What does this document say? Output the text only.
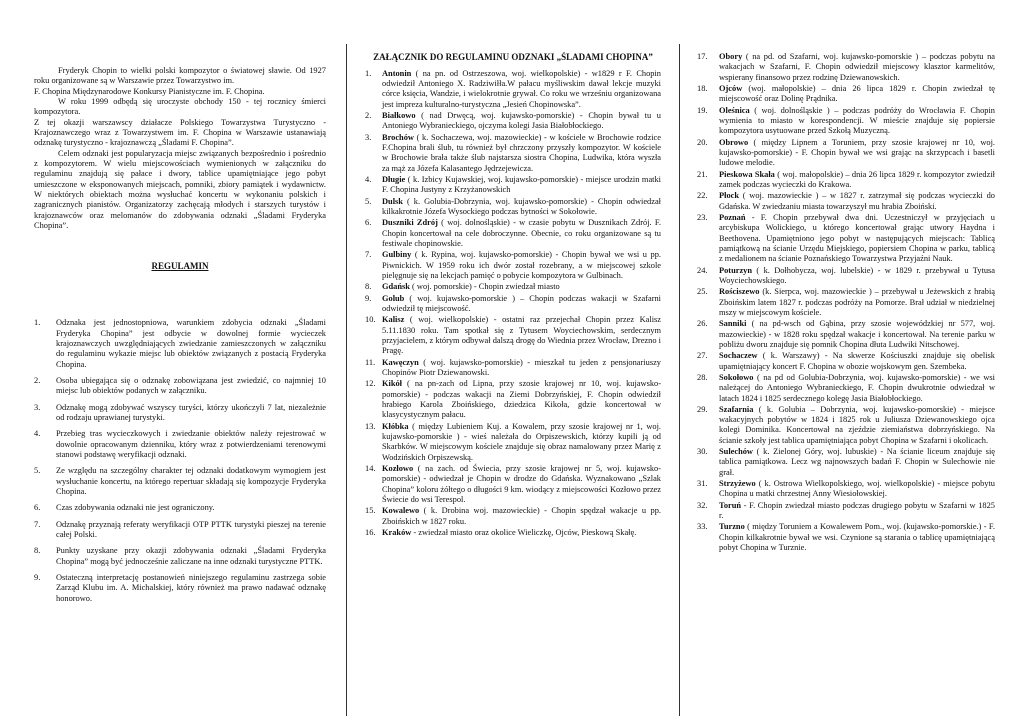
Fryderyk Chopin to wielki polski kompozytor o światowej sławie. Od 1927 roku organizowane są w Warszawie przez Towarzystwo im.

F. Chopina Międzynarodowe Konkursy Pianistyczne im. F. Chopina.

W roku 1999 odbędą się uroczyste obchody 150 - tej rocznicy śmierci kompozytora.

Z tej okazji warszawscy działacze Polskiego Towarzystwa Turystyczno - Krajoznawczego wraz z Towarzystwem im. F. Chopina w Warszawie ustanawiają odznakę turystyczno - krajoznawczą „Śladami F. Chopina”.

Celem odznaki jest popularyzacja miejsc związanych bezpośrednio i pośrednio z kompozytorem. W wielu miejscowościach wymienionych w załączniku do regulaminu znajdują się pałace i dwory, tablice upamiętniające jego pobyt umieszczone w eksponowanych miejscach, pomniki, zbiory pamiątek i wydawnictw. W niektórych obiektach można wysłuchać koncertu w wykonaniu polskich i zagranicznych pianistów. Organizatorzy zachęcają młodych i starszych turystów i krajoznawców oraz melomanów do zdobywania odznaki „Śladami Fryderyka Chopina”.

REGULAMIN
1.	Odznaka jest jednostopniowa, warunkiem zdobycia odznaki „Śladami Fryderyka Chopina” jest odbycie w dowolnej formie wycieczek krajoznawczych uwzględniających zwiedzanie zamieszczonych w załączniku do regulaminu wykazie miejsc lub obiektów związanych z postacią Fryderyka Chopina.
2.	Osoba ubiegająca się o odznakę zobowiązana jest zwiedzić, co najmniej 10 miejsc lub obiektów podanych w załączniku.
3.	Odznakę mogą zdobywać wszyscy turyści, którzy ukończyli 7 lat, niezależnie od rodzaju uprawianej turystyki.
4.	Przebieg tras wycieczkowych i zwiedzanie obiektów należy rejestrować w dowolnie opracowanym dzienniku, który wraz z potwierdzeniami terenowymi stanowi podstawę weryfikacji odznaki.
5.	Ze względu na szczególny charakter tej odznaki dodatkowym wymogiem jest wysłuchanie koncertu, na którego repertuar składają się kompozycje Fryderyka Chopina.
6.	Czas zdobywania odznaki nie jest ograniczony.
7.	Odznakę przyznają referaty weryfikacji OTP PTTK turystyki pieszej na terenie całej Polski.
8.	Punkty uzyskane przy okazji zdobywania odznaki „Śladami Fryderyka Chopina” mogą być jednocześnie zaliczane na inne odznaki turystyczne PTTK.
9.	Ostateczną interpretację postanowień niniejszego regulaminu zastrzega sobie Zarząd Klubu im. A. Michalskiej, który również ma prawo nadawać odznakę honorowo.
ZAŁĄCZNIK DO REGULAMINU ODZNAKI „ŚLADAMI CHOPINA”
1.	Antonin ( na pn. od Ostrzeszowa, woj. wielkopolskie) - w1829 r F. Chopin odwiedził Antoniego X. Radziwiłła.W pałacu myśliwskim dawał lekcje muzyki córce księcia, Wandzie, i wielokrotnie grywał. Co roku we wrześniu organizowana jest impreza kulturalno-turystyczna „Jesień Chopinowska”.
2.	Białkowo ( nad Drwęcą, woj. kujawsko-pomorskie) - Chopin bywał tu u Antoniego Wybranieckiego, ojczyma kolegi Jasia Białobłockiego.
3.	Brochów ( k. Sochaczewa, woj. mazowieckie) - w kościele w Brochowie rodzice F.Chopina brali ślub, tu również był chrzczony przyszły kompozytor. W kościele w Brochowie brała także ślub najstarsza siostra Chopina, Ludwika, która wyszła za mąż za Józefa Kalasantego Jędrzejewicza.
4.	Długie ( k. Izbicy Kujawskiej, woj. kujawsko-pomorskie) - miejsce urodzin matki F. Chopina Justyny z Krzyżanowskich
5.	Dulsk ( k. Golubia-Dobrzynia, woj. kujawsko-pomorskie) - Chopin odwiedzał kilkakrotnie Józefa Wysockiego podczas bytności w Sokołowie.
6.	Duszniki Zdrój ( woj. dolnośląskie) - w czasie pobytu w Dusznikach Zdrój. F. Chopin koncertował na cele dobroczynne. Obecnie, co roku organizowane są tu festiwale chopinowskie.
7.	Gulbiny ( k. Rypina, woj. kujawsko-pomorskie) - Chopin bywał we wsi u pp. Piwnickich. W 1959 roku ich dwór został rozebrany, a w miejscowej szkole pielęgnuje się na lekcjach pamięć o pobycie kompozytora w Gulbinach.
8.	Gdańsk ( woj. pomorskie) - Chopin zwiedzał miasto
9.	Golub ( woj. kujawsko-pomorskie ) – Chopin podczas wakacji w Szafarni odwiedził tę miejscowość.
10. Kalisz ( woj. wielkopolskie) - ostatni raz przejechał Chopin przez Kalisz 5.11.1830 roku. Tam spotkał się z Tytusem Woyciechowskim, serdecznym przyjacielem, z którym odbywał dalszą drogę do Wiednia przez Wrocław, Drezno i Pragę.
11. Kawęczyn ( woj. kujawsko-pomorskie) - mieszkał tu jeden z pensjonariuszy Chopinów Piotr Dziewanowski.
12. Kikół ( na pn-zach od Lipna, przy szosie krajowej nr 10, woj. kujawsko-pomorskie) - podczas wakacji na Ziemi Dobrzyńskiej, F. Chopin odwiedził hrabiego Karola Zboińskiego, dziedzica Kikoła, gdzie koncertował w klasycystycznym pałacu.
13. Kłóbka ( między Lubieniem Kuj. a Kowalem, przy szosie krajowej nr 1, woj. kujawsko-pomorskie ) - wieś należała do Orpiszewskich, którzy kupili ją od Skarbków. W miejscowym kościele znajduje się obraz namalowany przez Marię z Wodzińskich Orpiszewską.
14. Kozłowo ( na zach. od Świecia, przy szosie krajowej nr 5, woj. kujawsko-pomorskie) - odwiedzał je Chopin w drodze do Gdańska. Wyznakowano „Szlak Chopina” koloru żółtego o długości 9 km. wiodący z miejscowości Kozłowo przez Świecie do wsi Terespol.
15. Kowalewo ( k. Drobina woj. mazowieckie) - Chopin spędzał wakacje u pp. Zboińskich w 1827 roku.
16. Kraków - zwiedzał miasto oraz okolice Wieliczkę, Ojców, Pieskową Skałę.
17.	Obory ( na pd. od Szafarni, woj. kujawsko-pomorskie ) – podczas pobytu na wakacjach w Szafarni, F. Chopin odwiedził miejscowy klasztor karmelitów, wspierany finansowo przez rodzinę Dziewanowskich.
18.	Ojców (woj. małopolskie) – dnia 26 lipca 1829 r. Chopin zwiedzał tę miejscowość oraz Dolinę Prądnika.
19.	Oleśnica ( woj. dolnośląskie ) – podczas podróży do Wrocławia F. Chopin wymienia to miasto w korespondencji. W mieście znajduje się popiersie kompozytora usytuowane przed Szkołą Muzyczną.
20.	Obrowo ( między Lipnem a Toruniem, przy szosie krajowej nr 10, woj. kujawsko-pomorskie) - F. Chopin bywał we wsi grając na skrzypcach i basetli ludowe melodie.
21.	Pieskowa Skała ( woj. małopolskie) – dnia 26 lipca 1829 r. kompozytor zwiedził zamek podczas wycieczki do Krakowa.
22.	Płock ( woj. mazowieckie ) – w 1827 r. zatrzymał się podczas wycieczki do Gdańska. W zwiedzaniu miasta towarzyszył mu hrabia Zboiński.
23.	Poznań - F. Chopin przebywał dwa dni. Uczestniczył w przyjęciach u arcybiskupa Wolickiego, u którego koncertował grając utwory Haydna i Beethovena. Upamiętniono jego pobyt w następujących miejscach: Tablicą pamiątkową na ścianie Urzędu Miejskiego, popiersiem Chopina w parku, tablicą z medalionem na ścianie Poznańskiego Towarzystwa Przyjaźni Nauk.
24.	Poturzyn ( k. Dołhobycza, woj. lubelskie) - w 1829 r. przebywał u Tytusa Woyciechowskiego.
25.	Rościszewo (k. Sierpca, woj. mazowieckie ) – przebywał u Jeżewskich z hrabią Zboińskim latem 1827 r. podczas podróży na Pomorze. Brał udział w niedzielnej mszy w miejscowym kościele.
26.	Sanniki ( na pd-wsch od Gąbina, przy szosie wojewódzkiej nr 577, woj. mazowieckie) - w 1828 roku spędzał wakacje i koncertował. Na terenie parku w pobliżu dworu znajduje się pomnik Chopina dłuta Ludwiki Nitschowej.
27.	Sochaczew ( k. Warszawy) - Na skwerze Kościuszki znajduje się obelisk upamiętniający koncert F. Chopina w obozie wojskowym gen. Szembeka.
28.	Sokołowo ( na pd od Golubia-Dobrzynia, woj. kujawsko-pomorskie) - we wsi należącej do Antoniego Wybranieckiego, F. Chopin dwukrotnie odwiedzał w latach 1824 i 1825 serdecznego kolegę Jasia Białobłockiego.
29.	Szafarnia ( k. Golubia – Dobrzynia, woj. kujawsko-pomorskie) - miejsce wakacyjnych pobytów w 1824 i 1825 rok u Juliusza Dziewanowskiego ojca kolegi Dominika. Koncertował na zjeździe ziemiaństwa dobrzyńskiego. Na ścianie szkoły jest tablica upamiętniająca pobyt Chopina w Szafarni i okolicach.
30.	Sulechów ( k. Zielonej Góry, woj. lubuskie) - Na ścianie liceum znajduje się tablica pamiątkowa. Lecz wg najnowszych badań F. Chopin w Sulechowie nie grał.
31.	Strzyżewo ( k. Ostrowa Wielkopolskiego, woj. wielkopolskie) - miejsce pobytu Chopina u matki chrzestnej Anny Wiesiołowskiej.
32.	Toruń - F. Chopin zwiedzał miasto podczas drugiego pobytu w Szafarni w 1825 r.
33.	Turzno ( między Toruniem a Kowalewem Pom., woj. (kujawsko-pomorskie.) - F. Chopin kilkakrotnie bywał we wsi. Czynione są starania o tablicę upamiętniającą pobyt Chopina w Turznie.
